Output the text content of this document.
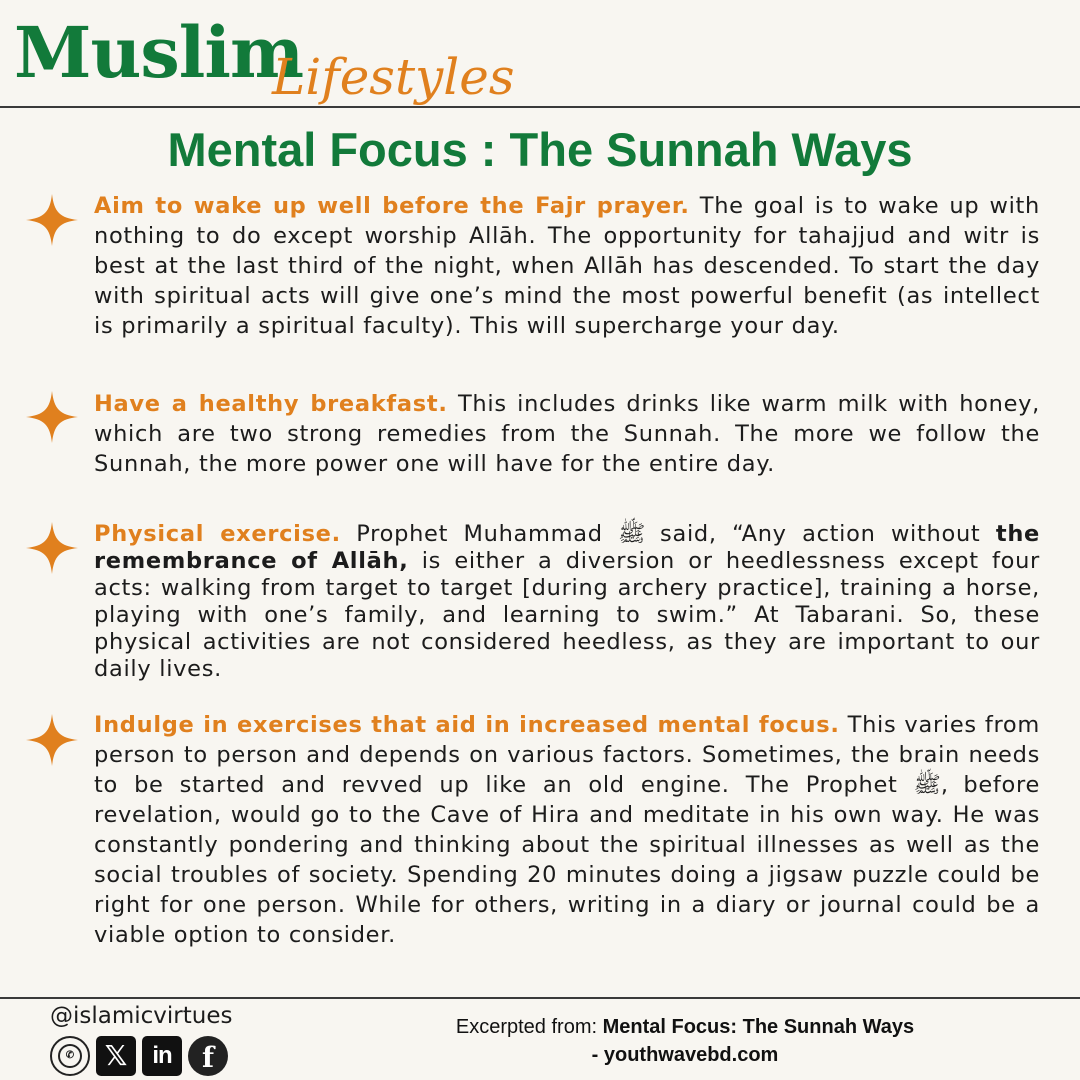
Muslim
Lifestyles
Mental Focus : The Sunnah Ways

Aim to wake up well before the Fajr prayer. The goal is to wake up with nothing to do except worship Allāh. The opportunity for tahajjud and witr is best at the last third of the night, when Allāh has descended. To start the day with spiritual acts will give one’s mind the most powerful benefit (as intellect is primarily a spiritual faculty). This will supercharge your day.

Have a healthy breakfast. This includes drinks like warm milk with honey, which are two strong remedies from the Sunnah. The more we follow the Sunnah, the more power one will have for the entire day.

Physical exercise. Prophet Muhammad ﷺ said, “Any action without the remembrance of Allāh, is either a diversion or heedlessness except four acts: walking from target to target [during archery practice], training a horse, playing with one’s family, and learning to swim.” At Tabarani. So, these physical activities are not considered heedless, as they are important to our daily lives.

Indulge in exercises that aid in increased mental focus. This varies from person to person and depends on various factors. Sometimes, the brain needs to be started and revved up like an old engine. The Prophet ﷺ, before revelation, would go to the Cave of Hira and meditate in his own way. He was constantly pondering and thinking about the spiritual illnesses as well as the social troubles of society. Spending 20 minutes doing a jigsaw puzzle could be right for one person. While for others, writing in a diary or journal could be a viable option to consider.

@islamicvirtues
✆	𝕏	in	f
Excerpted from: Mental Focus: The Sunnah Ways
- youthwavebd.com
